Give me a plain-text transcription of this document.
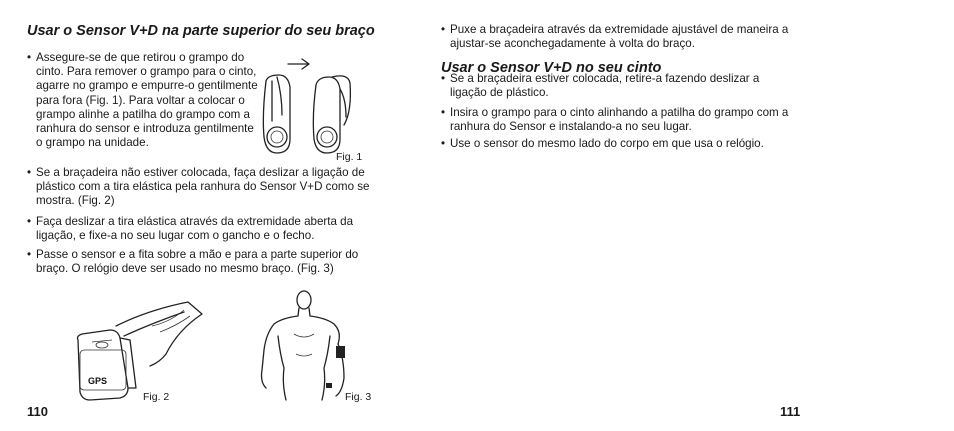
Usar o Sensor V+D na parte superior do seu braço

• Assegure-se de que retirou o grampo do cinto. Para remover o grampo para o cinto, agarre no grampo e empurre-o gentilmente para fora (Fig. 1). Para voltar a colocar o grampo alinhe a patilha do grampo com a ranhura do sensor e introduza gentilmente o grampo na unidade.

Fig. 1

• Se a braçadeira não estiver colocada, faça deslizar a ligação de plástico com a tira elástica pela ranhura do Sensor V+D como se mostra. (Fig. 2)

• Faça deslizar a tira elástica através da extremidade aberta da ligação, e fixe-a no seu lugar com o gancho e o fecho.

• Passe o sensor e a fita sobre a mão e para a parte superior do braço. O relógio deve ser usado no mesmo braço. (Fig. 3)

GPS
Fig. 2	Fig. 3
110

• Puxe a braçadeira através da extremidade ajustável de maneira a ajustar-se aconchegadamente à volta do braço.

Usar o Sensor V+D no seu cinto

• Se a braçadeira estiver colocada, retire-a fazendo deslizar a ligação de plástico.

• Insira o grampo para o cinto alinhando a patilha do grampo com a ranhura do Sensor e instalando-a no seu lugar.

• Use o sensor do mesmo lado do corpo em que usa o relógio.

111
